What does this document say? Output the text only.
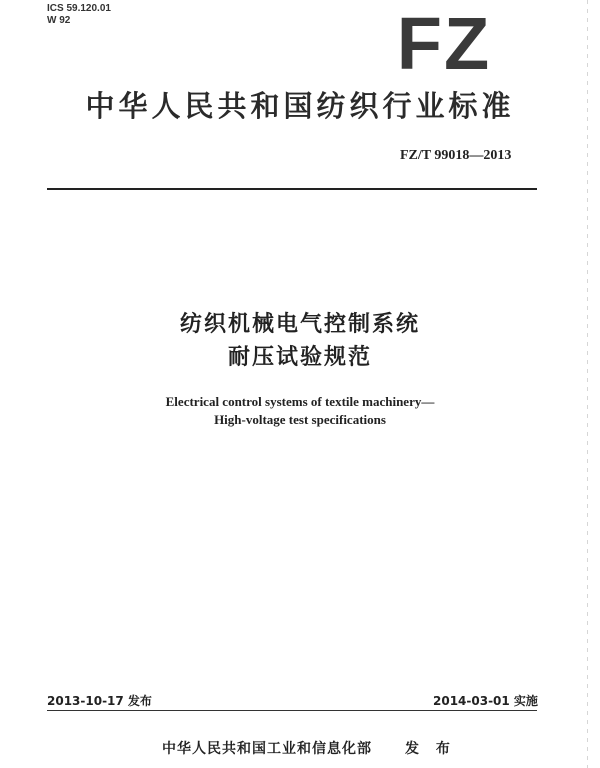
ICS 59.120.01
W 92	FZ
中华人民共和国纺织行业标准
FZ/T 99018—2013
纺织机械电气控制系统
耐压试验规范
Electrical control systems of textile machinery—
High-voltage test specifications
2013-10-17 发布	2014-03-01 实施
中华人民共和国工业和信息化部 发 布
